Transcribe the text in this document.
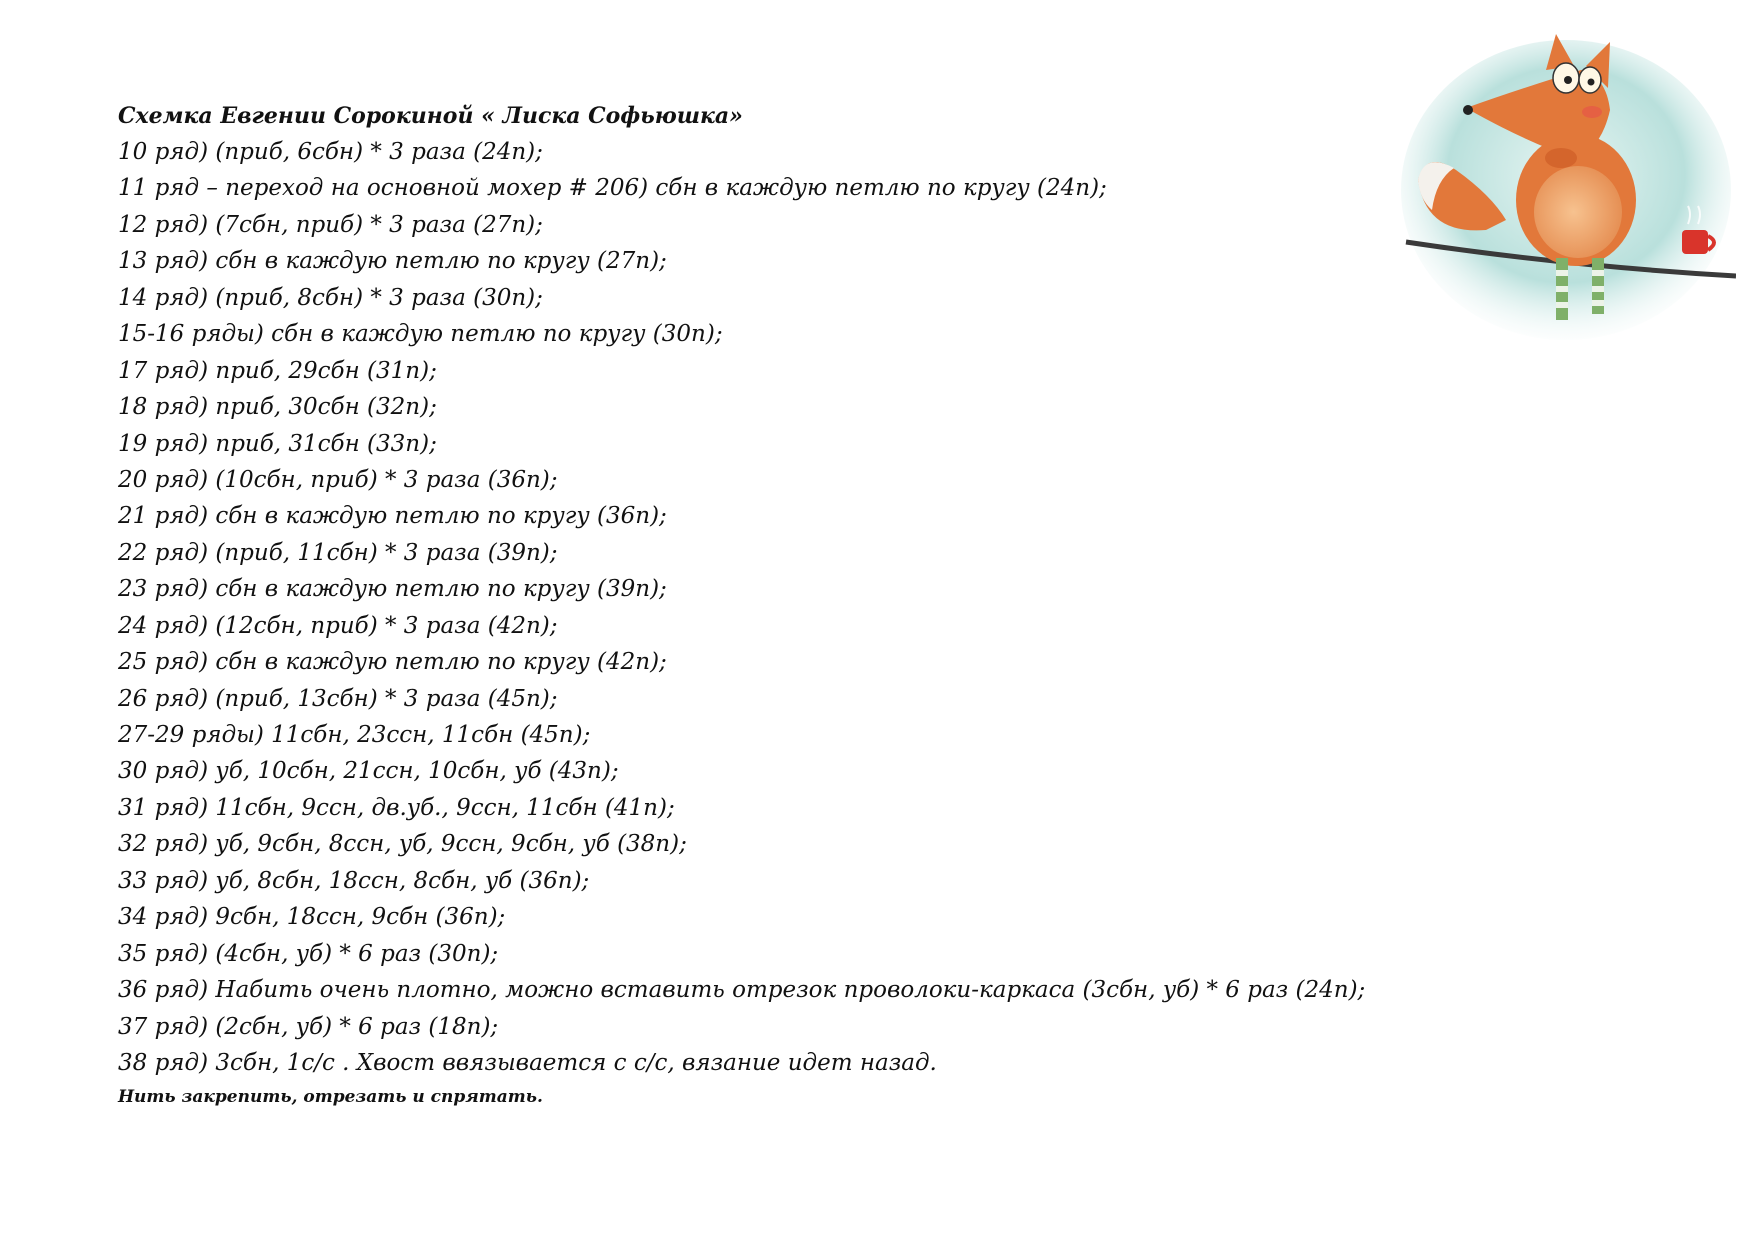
Схемка Евгении Сорокиной « Лиска Софьюшка»
10 ряд) (приб, 6сбн) * 3 раза (24п);
11 ряд – переход на основной мохер # 206) сбн в каждую петлю по кругу (24п);
12 ряд) (7сбн, приб) * 3 раза (27п);
13 ряд) сбн в каждую петлю по кругу (27п);
14 ряд) (приб, 8сбн) * 3 раза (30п);
15-16 ряды) сбн в каждую петлю по кругу (30п);
17 ряд) приб, 29сбн (31п);
18 ряд) приб, 30сбн (32п);
19 ряд) приб, 31сбн (33п);
20 ряд) (10сбн, приб) * 3 раза (36п);
21 ряд) сбн в каждую петлю по кругу (36п);
22 ряд) (приб, 11сбн) * 3 раза (39п);
23 ряд) сбн в каждую петлю по кругу (39п);
24 ряд) (12сбн, приб) * 3 раза (42п);
25 ряд) сбн в каждую петлю по кругу (42п);
26 ряд) (приб, 13сбн) * 3 раза (45п);
27-29 ряды) 11сбн, 23ссн, 11сбн (45п);
30 ряд) уб, 10сбн, 21ссн, 10сбн, уб (43п);
31 ряд) 11сбн, 9ссн, дв.уб., 9ссн, 11сбн (41п);
32 ряд) уб, 9сбн, 8ссн, уб, 9ссн, 9сбн, уб (38п);
33 ряд) уб, 8сбн, 18ссн, 8сбн, уб (36п);
34 ряд) 9сбн, 18ссн, 9сбн (36п);
35 ряд) (4сбн, уб) * 6 раз (30п);
36 ряд) Набить очень плотно, можно вставить отрезок проволоки-каркаса (3сбн, уб) * 6 раз (24п);
37 ряд) (2сбн, уб) * 6 раз (18п);
38 ряд) 3сбн, 1с/с . Хвост ввязывается с с/с, вязание идет назад.
Нить закрепить, отрезать и спрятать.
